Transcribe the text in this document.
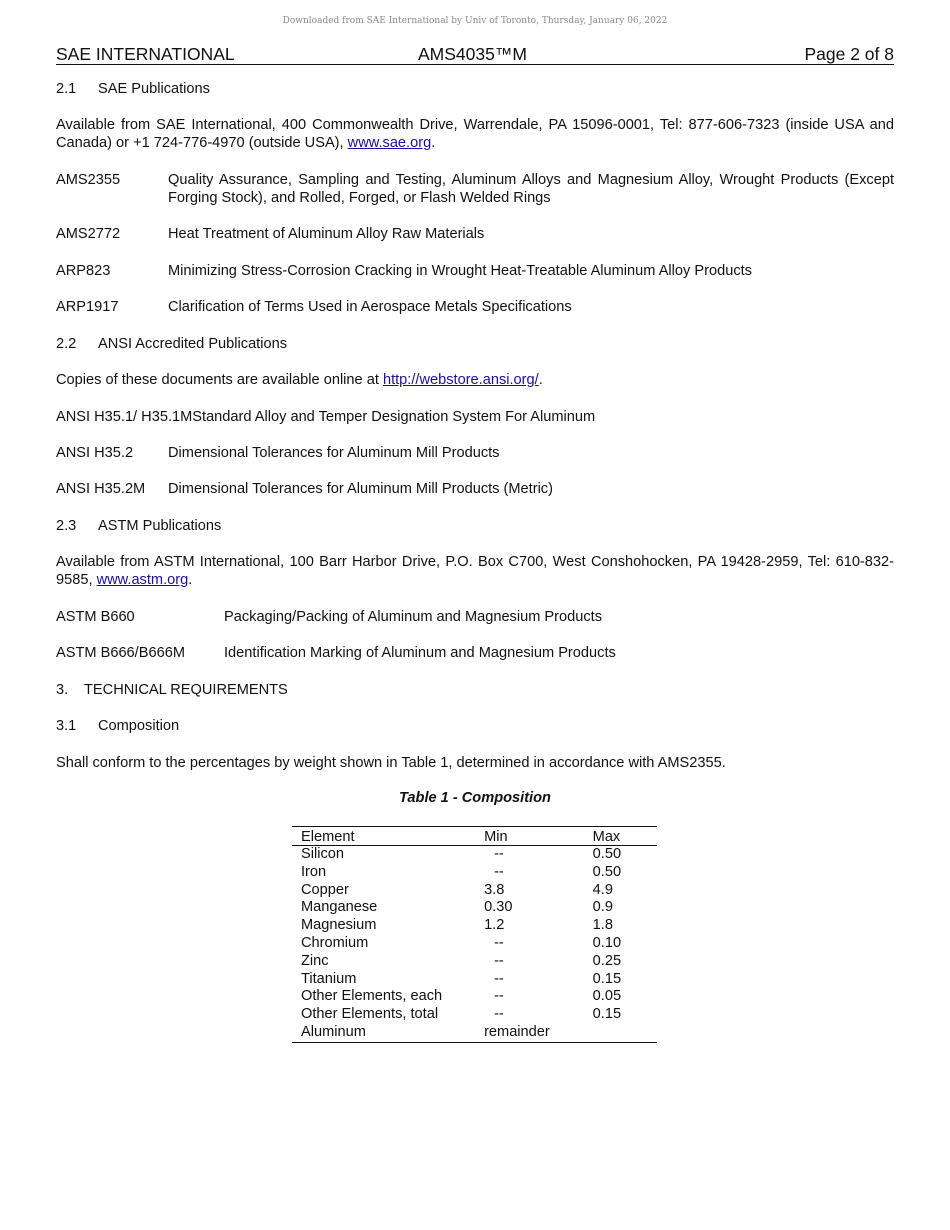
Downloaded from SAE International by Univ of Toronto, Thursday, January 06, 2022
SAE INTERNATIONAL	AMS4035™M	Page 2 of 8
2.1 SAE Publications
Available from SAE International, 400 Commonwealth Drive, Warrendale, PA 15096-0001, Tel: 877-606-7323 (inside USA and Canada) or +1 724-776-4970 (outside USA), www.sae.org.
AMS2355	Quality Assurance, Sampling and Testing, Aluminum Alloys and Magnesium Alloy, Wrought Products (Except Forging Stock), and Rolled, Forged, or Flash Welded Rings
AMS2772	Heat Treatment of Aluminum Alloy Raw Materials
ARP823	Minimizing Stress-Corrosion Cracking in Wrought Heat-Treatable Aluminum Alloy Products
ARP1917	Clarification of Terms Used in Aerospace Metals Specifications
2.2 ANSI Accredited Publications
Copies of these documents are available online at http://webstore.ansi.org/.
ANSI H35.1/ H35.1MStandard Alloy and Temper Designation System For Aluminum
ANSI H35.2 Dimensional Tolerances for Aluminum Mill Products
ANSI H35.2M Dimensional Tolerances for Aluminum Mill Products (Metric)
2.3 ASTM Publications
Available from ASTM International, 100 Barr Harbor Drive, P.O. Box C700, West Conshohocken, PA 19428-2959, Tel: 610-832-9585, www.astm.org.
ASTM B660	Packaging/Packing of Aluminum and Magnesium Products
ASTM B666/B666M	Identification Marking of Aluminum and Magnesium Products
3. TECHNICAL REQUIREMENTS
3.1 Composition
Shall conform to the percentages by weight shown in Table 1, determined in accordance with AMS2355.
Table 1 - Composition
Element	Min	Max
Silicon	--	0.50
Iron	--	0.50
Copper	3.8	4.9
Manganese	0.30	0.9
Magnesium	1.2	1.8
Chromium	--	0.10
Zinc	--	0.25
Titanium	--	0.15
Other Elements, each	--	0.05
Other Elements, total	--	0.15
Aluminum	remainder	
